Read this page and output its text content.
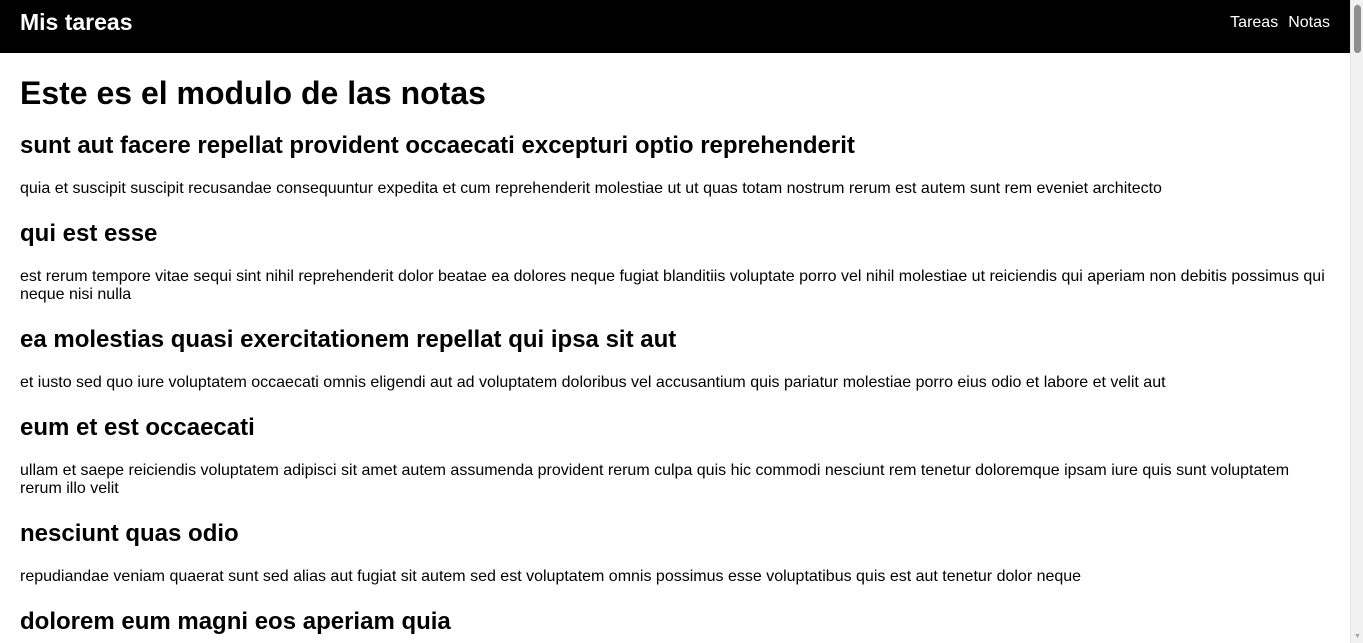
Mis tareas	Tareas Notas
Este es el modulo de las notas
sunt aut facere repellat provident occaecati excepturi optio reprehenderit

quia et suscipit suscipit recusandae consequuntur expedita et cum reprehenderit molestiae ut ut quas totam nostrum rerum est autem sunt rem eveniet architecto

qui est esse

est rerum tempore vitae sequi sint nihil reprehenderit dolor beatae ea dolores neque fugiat blanditiis voluptate porro vel nihil molestiae ut reiciendis qui aperiam non debitis possimus qui neque nisi nulla

ea molestias quasi exercitationem repellat qui ipsa sit aut

et iusto sed quo iure voluptatem occaecati omnis eligendi aut ad voluptatem doloribus vel accusantium quis pariatur molestiae porro eius odio et labore et velit aut

eum et est occaecati

ullam et saepe reiciendis voluptatem adipisci sit amet autem assumenda provident rerum culpa quis hic commodi nesciunt rem tenetur doloremque ipsam iure quis sunt voluptatem rerum illo velit

nesciunt quas odio

repudiandae veniam quaerat sunt sed alias aut fugiat sit autem sed est voluptatem omnis possimus esse voluptatibus quis est aut tenetur dolor neque

dolorem eum magni eos aperiam quia
▼
